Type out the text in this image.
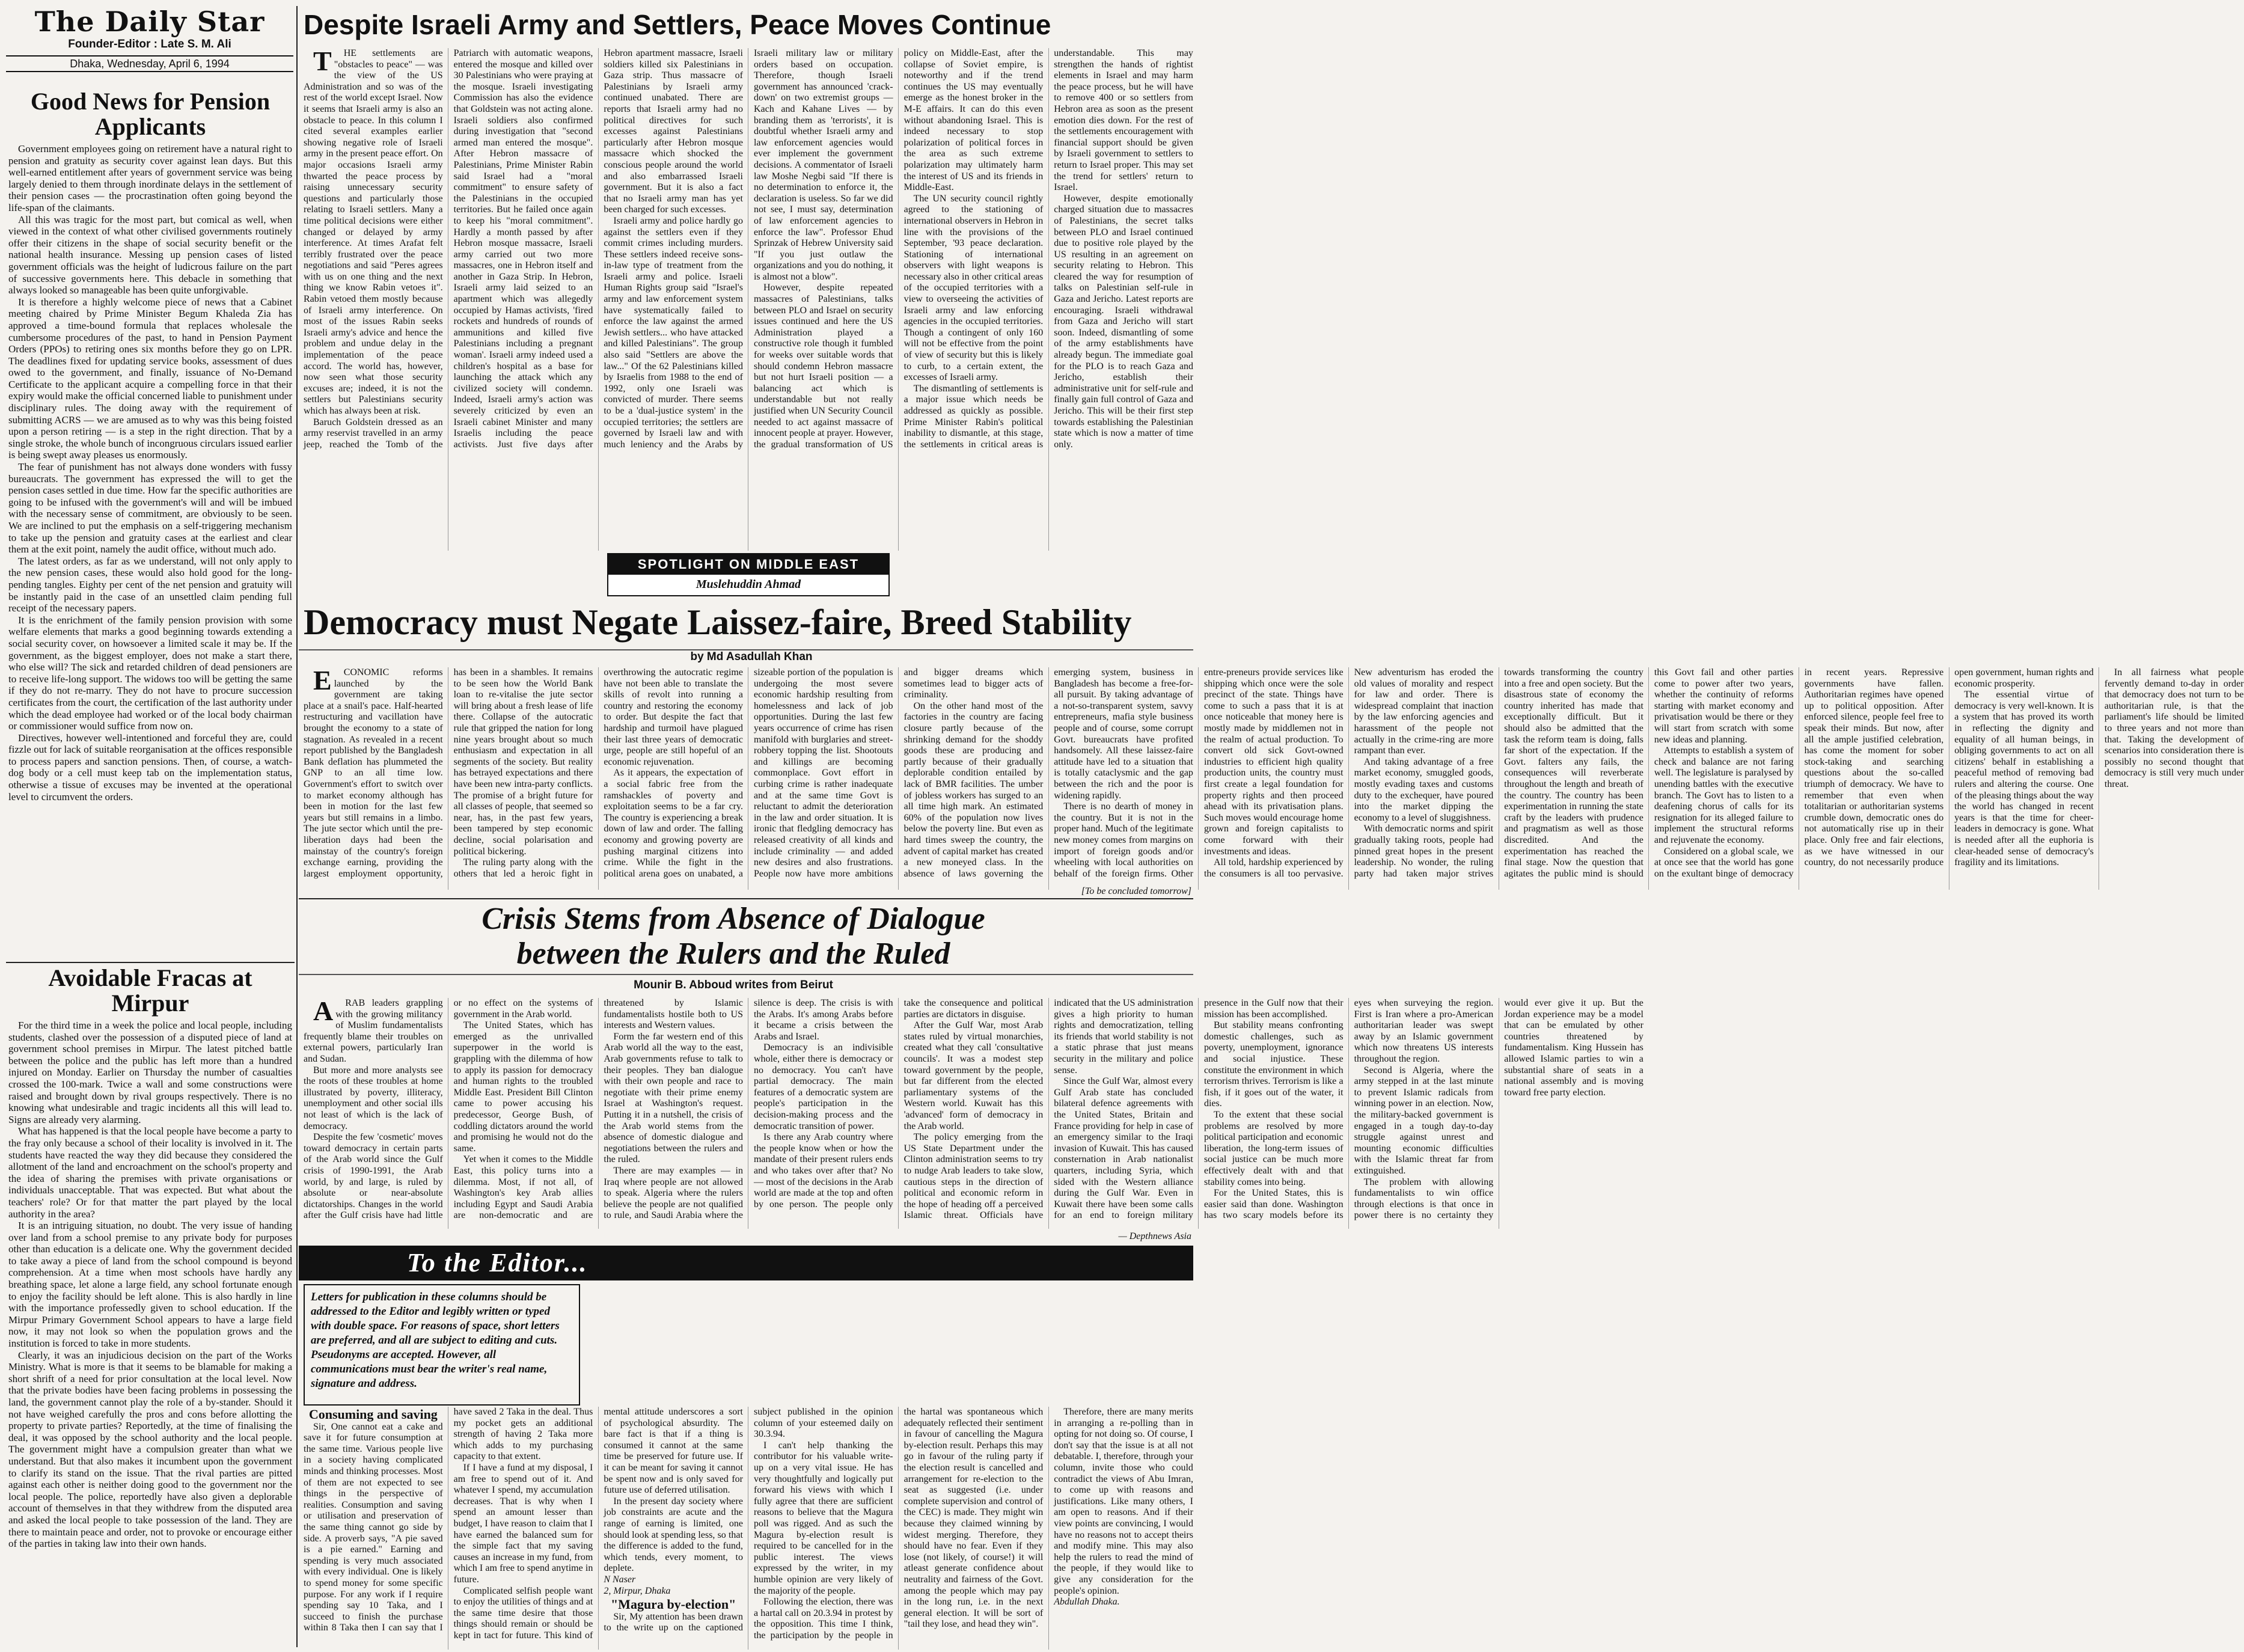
The Daily Star
Founder-Editor : Late S. M. Ali
Dhaka, Wednesday, April 6, 1994
Good News for Pension Applicants

Government employees going on retirement have a natural right to pension and gratuity as security cover against lean days. But this well-earned entitlement after years of government service was being largely denied to them through inordinate delays in the settlement of their pension cases — the procrastination often going beyond the life-span of the claimants.

All this was tragic for the most part, but comical as well, when viewed in the context of what other civilised governments routinely offer their citizens in the shape of social security benefit or the national health insurance. Messing up pension cases of listed government officials was the height of ludicrous failure on the part of successive governments here. This debacle in something that always looked so manageable has been quite unforgivable.

It is therefore a highly welcome piece of news that a Cabinet meeting chaired by Prime Minister Begum Khaleda Zia has approved a time-bound formula that replaces wholesale the cumbersome procedures of the past, to hand in Pension Payment Orders (PPOs) to retiring ones six months before they go on LPR. The deadlines fixed for updating service books, assessment of dues owed to the government, and finally, issuance of No-Demand Certificate to the applicant acquire a compelling force in that their expiry would make the official concerned liable to punishment under disciplinary rules. The doing away with the requirement of submitting ACRS — we are amused as to why was this being foisted upon a person retiring — is a step in the right direction. That by a single stroke, the whole bunch of incongruous circulars issued earlier is being swept away pleases us enormously.

The fear of punishment has not always done wonders with fussy bureaucrats. The government has expressed the will to get the pension cases settled in due time. How far the specific authorities are going to be infused with the government's will and will be imbued with the necessary sense of commitment, are obviously to be seen. We are inclined to put the emphasis on a self-triggering mechanism to take up the pension and gratuity cases at the earliest and clear them at the exit point, namely the audit office, without much ado.

The latest orders, as far as we understand, will not only apply to the new pension cases, these would also hold good for the long-pending tangles. Eighty per cent of the net pension and gratuity will be instantly paid in the case of an unsettled claim pending full receipt of the necessary papers.

It is the enrichment of the family pension provision with some welfare elements that marks a good beginning towards extending a social security cover, on howsoever a limited scale it may be. If the government, as the biggest employer, does not make a start there, who else will? The sick and retarded children of dead pensioners are to receive life-long support. The widows too will be getting the same if they do not re-marry. They do not have to procure succession certificates from the court, the certification of the last authority under which the dead employee had worked or of the local body chairman or commissioner would suffice from now on.

Directives, however well-intentioned and forceful they are, could fizzle out for lack of suitable reorganisation at the offices responsible to process papers and sanction pensions. Then, of course, a watch-dog body or a cell must keep tab on the implementation status, otherwise a tissue of excuses may be invented at the operational level to circumvent the orders.

Avoidable Fracas at Mirpur

For the third time in a week the police and local people, including students, clashed over the possession of a disputed piece of land at government school premises in Mirpur. The latest pitched battle between the police and the public has left more than a hundred injured on Monday. Earlier on Thursday the number of casualties crossed the 100-mark. Twice a wall and some constructions were raised and brought down by rival groups respectively. There is no knowing what undesirable and tragic incidents all this will lead to. Signs are already very alarming.

What has happened is that the local people have become a party to the fray only because a school of their locality is involved in it. The students have reacted the way they did because they considered the allotment of the land and encroachment on the school's property and the idea of sharing the premises with private organisations or individuals unacceptable. That was expected. But what about the teachers' role? Or for that matter the part played by the local authority in the area?

It is an intriguing situation, no doubt. The very issue of handing over land from a school premise to any private body for purposes other than education is a delicate one. Why the government decided to take away a piece of land from the school compound is beyond comprehension. At a time when most schools have hardly any breathing space, let alone a large field, any school fortunate enough to enjoy the facility should be left alone. This is also hardly in line with the importance professedly given to school education. If the Mirpur Primary Government School appears to have a large field now, it may not look so when the population grows and the institution is forced to take in more students.

Clearly, it was an injudicious decision on the part of the Works Ministry. What is more is that it seems to be blamable for making a short shrift of a need for prior consultation at the local level. Now that the private bodies have been facing problems in possessing the land, the government cannot play the role of a by-stander. Should it not have weighed carefully the pros and cons before allotting the property to private parties? Reportedly, at the time of finalising the deal, it was opposed by the school authority and the local people. The government might have a compulsion greater than what we understand. But that also makes it incumbent upon the government to clarify its stand on the issue. That the rival parties are pitted against each other is neither doing good to the government nor the local people. The police, reportedly have also given a deplorable account of themselves in that they withdrew from the disputed area and asked the local people to take possession of the land. They are there to maintain peace and order, not to provoke or encourage either of the parties in taking law into their own hands.

Despite Israeli Army and Settlers, Peace Moves Continue

THE settlements are "obstacles to peace" — was the view of the US Administration and so was of the rest of the world except Israel. Now it seems that Israeli army is also an obstacle to peace. In this column I cited several examples earlier showing negative role of Israeli army in the present peace effort. On major occasions Israeli army thwarted the peace process by raising unnecessary security questions and particularly those relating to Israeli settlers. Many a time political decisions were either changed or delayed by army interference. At times Arafat felt terribly frustrated over the peace negotiations and said "Peres agrees with us on one thing and the next thing we know Rabin vetoes it". Rabin vetoed them mostly because of Israeli army interference. On most of the issues Rabin seeks Israeli army's advice and hence the problem and undue delay in the implementation of the peace accord. The world has, however, now seen what those security excuses are; indeed, it is not the settlers but Palestinians security which has always been at risk.

Baruch Goldstein dressed as an army reservist travelled in an army jeep, reached the Tomb of the Patriarch with automatic weapons, entered the mosque and killed over 30 Palestinians who were praying at the mosque. Israeli investigating Commission has also the evidence that Goldstein was not acting alone. Israeli soldiers also confirmed during investigation that "second armed man entered the mosque". After Hebron massacre of Palestinians, Prime Minister Rabin said Israel had a "moral commitment" to ensure safety of the Palestinians in the occupied territories. But he failed once again to keep his "moral commitment". Hardly a month passed by after Hebron mosque massacre, Israeli army carried out two more massacres, one in Hebron itself and another in Gaza Strip. In Hebron, Israeli army laid seized to an apartment which was allegedly occupied by Hamas activists, 'fired rockets and hundreds of rounds of ammunitions and killed five Palestinians including a pregnant woman'. Israeli army indeed used a children's hospital as a base for launching the attack which any civilized society will condemn. Indeed, Israeli army's action was severely criticized by even an Israeli cabinet Minister and many Israelis including the peace activists. Just five days after Hebron apartment massacre, Israeli soldiers killed six Palestinians in Gaza strip. Thus massacre of Palestinians by Israeli army continued unabated. There are reports that Israeli army had no political directives for such excesses against Palestinians particularly after Hebron mosque massacre which shocked the conscious people around the world and also embarrassed Israeli government. But it is also a fact that no Israeli army man has yet been charged for such excesses.

Israeli army and police hardly go against the settlers even if they commit crimes including murders. These settlers indeed receive sons-in-law type of treatment from the Israeli army and police. Israeli Human Rights group said "Israel's army and law enforcement system have systematically failed to enforce the law against the armed Jewish settlers... who have attacked and killed Palestinians". The group also said "Settlers are above the law..." Of the 62 Palestinians killed by Israelis from 1988 to the end of 1992, only one Israeli was convicted of murder. There seems to be a 'dual-justice system' in the occupied territories; the settlers are governed by Israeli law and with much leniency and the Arabs by Israeli military law or military orders based on occupation. Therefore, though Israeli government has announced 'crack-down' on two extremist groups — Kach and Kahane Lives — by branding them as 'terrorists', it is doubtful whether Israeli army and law enforcement agencies would ever implement the government decisions. A commentator of Israeli law Moshe Negbi said "If there is no determination to enforce it, the declaration is useless. So far we did not see, I must say, determination of law enforcement agencies to enforce the law". Professor Ehud Sprinzak of Hebrew University said "If you just outlaw the organizations and you do nothing, it is almost not a blow".

However, despite repeated massacres of Palestinians, talks between PLO and Israel on security issues continued and here the US Administration played a constructive role though it fumbled for weeks over suitable words that should condemn Hebron massacre but not hurt Israeli position — a balancing act which is understandable but not really justified when UN Security Council needed to act against massacre of innocent people at prayer. However, the gradual transformation of US policy on Middle-East, after the collapse of Soviet empire, is noteworthy and if the trend continues the US may eventually emerge as the honest broker in the M-E affairs. It can do this even without abandoning Israel. This is indeed necessary to stop polarization of political forces in the area as such extreme polarization may ultimately harm the interest of US and its friends in Middle-East.

The UN security council rightly agreed to the stationing of international observers in Hebron in line with the provisions of the September, '93 peace declaration. Stationing of international observers with light weapons is necessary also in other critical areas of the occupied territories with a view to overseeing the activities of Israeli army and law enforcing agencies in the occupied territories. Though a contingent of only 160 will not be effective from the point of view of security but this is likely to curb, to a certain extent, the excesses of Israeli army.

The dismantling of settlements is a major issue which needs be addressed as quickly as possible. Prime Minister Rabin's political inability to dismantle, at this stage, the settlements in critical areas is understandable. This may strengthen the hands of rightist elements in Israel and may harm the peace process, but he will have to remove 400 or so settlers from Hebron area as soon as the present emotion dies down. For the rest of the settlements encouragement with financial support should be given by Israeli government to settlers to return to Israel proper. This may set the trend for settlers' return to Israel.

However, despite emotionally charged situation due to massacres of Palestinians, the secret talks between PLO and Israel continued due to positive role played by the US resulting in an agreement on security relating to Hebron. This cleared the way for resumption of talks on Palestinian self-rule in Gaza and Jericho. Latest reports are encouraging. Israeli withdrawal from Gaza and Jericho will start soon. Indeed, dismantling of some of the army establishments have already begun. The immediate goal for the PLO is to reach Gaza and Jericho, establish their administrative unit for self-rule and finally gain full control of Gaza and Jericho. This will be their first step towards establishing the Palestinian state which is now a matter of time only.

SPOTLIGHT ON MIDDLE EAST
Muslehuddin Ahmad
Democracy must Negate Laissez-faire, Breed Stability
by Md Asadullah Khan

ECONOMIC reforms launched by the government are taking place at a snail's pace. Half-hearted restructuring and vacillation have brought the economy to a state of stagnation. As revealed in a recent report published by the Bangladesh Bank deflation has plummeted the GNP to an all time low. Government's effort to switch over to market economy although has been in motion for the last few years but still remains in a limbo. The jute sector which until the pre-liberation days had been the mainstay of the country's foreign exchange earning, providing the largest employment opportunity, has been in a shambles. It remains to be seen how the World Bank loan to re-vitalise the jute sector will bring about a fresh lease of life there. Collapse of the autocratic rule that gripped the nation for long nine years brought about so much enthusiasm and expectation in all segments of the society. But reality has betrayed expectations and there have been new intra-party conflicts. The promise of a bright future for all classes of people, that seemed so near, has, in the past few years, been tampered by step economic decline, social polarisation and political bickering.

The ruling party along with the others that led a heroic fight in overthrowing the autocratic regime have not been able to translate the skills of revolt into running a country and restoring the economy to order. But despite the fact that hardship and turmoil have plagued their last three years of democratic urge, people are still hopeful of an economic rejuvenation.

As it appears, the expectation of a social fabric free from the ramshackles of poverty and exploitation seems to be a far cry. The country is experiencing a break down of law and order. The falling economy and growing poverty are pushing marginal citizens into crime. While the fight in the political arena goes on unabated, a sizeable portion of the population is undergoing the most severe economic hardship resulting from homelessness and lack of job opportunities. During the last few years occurrence of crime has risen manifold with burglaries and street-robbery topping the list. Shootouts and killings are becoming commonplace. Govt effort in curbing crime is rather inadequate and at the same time Govt is reluctant to admit the deterioration in the law and order situation. It is ironic that fledgling democracy has released creativity of all kinds and include criminality — and added new desires and also frustrations. People now have more ambitions and bigger dreams which sometimes lead to bigger acts of criminality.

On the other hand most of the factories in the country are facing closure partly because of the shrinking demand for the shoddy goods these are producing and partly because of their gradually deplorable condition entailed by lack of BMR facilities. The umber of jobless workers has surged to an all time high mark. An estimated 60% of the population now lives below the poverty line. But even as hard times sweep the country, the advent of capital market has created a new moneyed class. In the absence of laws governing the emerging system, business in Bangladesh has become a free-for-all pursuit. By taking advantage of a not-so-transparent system, savvy entrepreneurs, mafia style business people and of course, some corrupt Govt. bureaucrats have profited handsomely. All these laissez-faire attitude have led to a situation that is totally cataclysmic and the gap between the rich and the poor is widening rapidly.

There is no dearth of money in the country. But it is not in the proper hand. Much of the legitimate new money comes from margins on import of foreign goods and/or wheeling with local authorities on behalf of the foreign firms. Other entre-preneurs provide services like shipping which once were the sole precinct of the state. Things have come to such a pass that it is at once noticeable that money here is mostly made by middlemen not in the realm of actual production. To convert old sick Govt-owned industries to efficient high quality production units, the country must first create a legal foundation for property rights and then proceed ahead with its privatisation plans. Such moves would encourage home grown and foreign capitalists to come forward with their investments and ideas.

All told, hardship experienced by the consumers is all too pervasive. New adventurism has eroded the old values of morality and respect for law and order. There is widespread complaint that inaction by the law enforcing agencies and harassment of the people not actually in the crime-ring are more rampant than ever.

And taking advantage of a free market economy, smuggled goods, mostly evading taxes and customs duty to the exchequer, have poured into the market dipping the economy to a level of sluggishness.

With democratic norms and spirit gradually taking roots, people had pinned great hopes in the present leadership. No wonder, the ruling party had taken major strives towards transforming the country into a free and open society. But the disastrous state of economy the country inherited has made that exceptionally difficult. But it should also be admitted that the task the reform team is doing, falls far short of the expectation. If the Govt. falters any fails, the consequences will reverberate throughout the length and breath of the country. The country has been experimentation in running the state craft by the leaders with prudence and pragmatism as well as those discredited. And the experimentation has reached the final stage. Now the question that agitates the public mind is should this Govt fail and other parties come to power after two years, whether the continuity of reforms starting with market economy and privatisation would be there or they will start from scratch with some new ideas and planning.

Attempts to establish a system of check and balance are not faring well. The legislature is paralysed by unending battles with the executive branch. The Govt has to listen to a deafening chorus of calls for its resignation for its alleged failure to implement the structural reforms and rejuvenate the economy.

Considered on a global scale, we at once see that the world has gone on the exultant binge of democracy in recent years. Repressive governments have fallen. Authoritarian regimes have opened up to political opposition. After enforced silence, people feel free to speak their minds. But now, after all the ample justified celebration, has come the moment for sober stock-taking and searching questions about the so-called triumph of democracy. We have to remember that even when totalitarian or authoritarian systems crumble down, democratic ones do not automatically rise up in their place. Only free and fair elections, as we have witnessed in our country, do not necessarily produce open government, human rights and economic prosperity.

The essential virtue of democracy is very well-known. It is a system that has proved its worth in reflecting the dignity and equality of all human beings, in obliging governments to act on all citizens' behalf in establishing a peaceful method of removing bad rulers and altering the course. One of the pleasing things about the way the world has changed in recent years is that the time for cheer-leaders in democracy is gone. What is needed after all the euphoria is clear-headed sense of democracy's fragility and its limitations.

In all fairness what people fervently demand to-day in order that democracy does not turn to be authoritarian rule, is that the parliament's life should be limited to three years and not more than that. Taking the development of scenarios into consideration there is possibly no second thought that democracy is still very much under threat.

[To be concluded tomorrow]
Crisis Stems from Absence of Dialogue between the Rulers and the Ruled
Mounir B. Abboud writes from Beirut

ARAB leaders grappling with the growing militancy of Muslim fundamentalists frequently blame their troubles on external powers, particularly Iran and Sudan.

But more and more analysts see the roots of these troubles at home illustrated by poverty, illiteracy, unemployment and other social ills not least of which is the lack of democracy.

Despite the few 'cosmetic' moves toward democracy in certain parts of the Arab world since the Gulf crisis of 1990-1991, the Arab world, by and large, is ruled by absolute or near-absolute dictatorships. Changes in the world after the Gulf crisis have had little or no effect on the systems of government in the Arab world.

The United States, which has emerged as the unrivalled superpower in the world is grappling with the dilemma of how to apply its passion for democracy and human rights to the troubled Middle East. President Bill Clinton came to power accusing his predecessor, George Bush, of coddling dictators around the world and promising he would not do the same.

Yet when it comes to the Middle East, this policy turns into a dilemma. Most, if not all, of Washington's key Arab allies including Egypt and Saudi Arabia are non-democratic and are threatened by Islamic fundamentalists hostile both to US interests and Western values.

Form the far western end of this Arab world all the way to the east, Arab governments refuse to talk to their peoples. They ban dialogue with their own people and race to negotiate with their prime enemy Israel at Washington's request. Putting it in a nutshell, the crisis of the Arab world stems from the absence of domestic dialogue and negotiations between the rulers and the ruled.

There are may examples — in Iraq where people are not allowed to speak. Algeria where the rulers believe the people are not qualified to rule, and Saudi Arabia where the silence is deep. The crisis is with the Arabs. It's among Arabs before it became a crisis between the Arabs and Israel.

Democracy is an indivisible whole, either there is democracy or no democracy. You can't have partial democracy. The main features of a democratic system are people's participation in the decision-making process and the democratic transition of power.

Is there any Arab country where the people know when or how the mandate of their present rulers ends and who takes over after that? No — most of the decisions in the Arab world are made at the top and often by one person. The people only take the consequence and political parties are dictators in disguise.

After the Gulf War, most Arab states ruled by virtual monarchies, created what they call 'consultative councils'. It was a modest step toward government by the people, but far different from the elected parliamentary systems of the Western world. Kuwait has this 'advanced' form of democracy in the Arab world.

The policy emerging from the US State Department under the Clinton administration seems to try to nudge Arab leaders to take slow, cautious steps in the direction of political and economic reform in the hope of heading off a perceived Islamic threat. Officials have indicated that the US administration gives a high priority to human rights and democratization, telling its friends that world stability is not a static phrase that just means security in the military and police sense.

Since the Gulf War, almost every Gulf Arab state has concluded bilateral defence agreements with the United States, Britain and France providing for help in case of an emergency similar to the Iraqi invasion of Kuwait. This has caused consternation in Arab nationalist quarters, including Syria, which sided with the Western alliance during the Gulf War. Even in Kuwait there have been some calls for an end to foreign military presence in the Gulf now that their mission has been accomplished.

But stability means confronting domestic challenges, such as poverty, unemployment, ignorance and social injustice. These constitute the environment in which terrorism thrives. Terrorism is like a fish, if it goes out of the water, it dies.

To the extent that these social problems are resolved by more political participation and economic liberation, the long-term issues of social justice can be much more effectively dealt with and that stability comes into being.

For the United States, this is easier said than done. Washington has two scary models before its eyes when surveying the region. First is Iran where a pro-American authoritarian leader was swept away by an Islamic government which now threatens US interests throughout the region.

Second is Algeria, where the army stepped in at the last minute to prevent Islamic radicals from winning power in an election. Now, the military-backed government is engaged in a tough day-to-day struggle against unrest and mounting economic difficulties with the Islamic threat far from extinguished.

The problem with allowing fundamentalists to win office through elections is that once in power there is no certainty they would ever give it up. But the Jordan experience may be a model that can be emulated by other countries threatened by fundamentalism. King Hussein has allowed Islamic parties to win a substantial share of seats in a national assembly and is moving toward free party election.

— Depthnews Asia
To the Editor...
Letters for publication in these columns should be addressed to the Editor and legibly written or typed with double space. For reasons of space, short letters are preferred, and all are subject to editing and cuts. Pseudonyms are accepted. However, all communications must bear the writer's real name, signature and address.
Consuming and saving

Sir, One cannot eat a cake and save it for future consumption at the same time. Various people live in a society having complicated minds and thinking processes. Most of them are not expected to see things in the perspective of realities. Consumption and saving or utilisation and preservation of the same thing cannot go side by side. A proverb says, "A pie saved is a pie earned." Earning and spending is very much associated with every individual. One is likely to spend money for some specific purpose. For any work if I require spending say 10 Taka, and I succeed to finish the purchase within 8 Taka then I can say that I have saved 2 Taka in the deal. Thus my pocket gets an additional strength of having 2 Taka more which adds to my purchasing capacity to that extent.

If I have a fund at my disposal, I am free to spend out of it. And whatever I spend, my accumulation decreases. That is why when I spend an amount lesser than budget, I have reason to claim that I have earned the balanced sum for the simple fact that my saving causes an increase in my fund, from which I am free to spend anytime in future.

Complicated selfish people want to enjoy the utilities of things and at the same time desire that those things should remain or should be kept in tact for future. This kind of mental attitude underscores a sort of psychological absurdity. The bare fact is that if a thing is consumed it cannot at the same time be preserved for future use. If it can be meant for saving it cannot be spent now and is only saved for future use of deferred utilisation.

In the present day society where job constraints are acute and the range of earning is limited, one should look at spending less, so that the difference is added to the fund, which tends, every moment, to deplete.

N Naser

2, Mirpur, Dhaka

"Magura by-election"

Sir, My attention has been drawn to the write up on the captioned subject published in the opinion column of your esteemed daily on 30.3.94.

I can't help thanking the contributor for his valuable write-up on a very vital issue. He has very thoughtfully and logically put forward his views with which I fully agree that there are sufficient reasons to believe that the Magura poll was rigged. And as such the Magura by-election result is required to be cancelled for in the public interest. The views expressed by the writer, in my humble opinion are very likely of the majority of the people.

Following the election, there was a hartal call on 20.3.94 in protest by the opposition. This time I think, the participation by the people in the hartal was spontaneous which adequately reflected their sentiment in favour of cancelling the Magura by-election result. Perhaps this may go in favour of the ruling party if the election result is cancelled and arrangement for re-election to the seat as suggested (i.e. under complete supervision and control of the CEC) is made. They might win because they claimed winning by widest merging. Therefore, they should have no fear. Even if they lose (not likely, of course!) it will atleast generate confidence about neutrality and fairness of the Govt. among the people which may pay in the long run, i.e. in the next general election. It will be sort of "tail they lose, and head they win".

Therefore, there are many merits in arranging a re-polling than in opting for not doing so. Of course, I don't say that the issue is at all not debatable. I, therefore, through your column, invite those who could contradict the views of Abu Imran, to come up with reasons and justifications. Like many others, I am open to reasons. And if their view points are convincing, I would have no reasons not to accept theirs and modify mine. This may also help the rulers to read the mind of the people, if they would like to give any consideration for the people's opinion.

Abdullah Dhaka.
